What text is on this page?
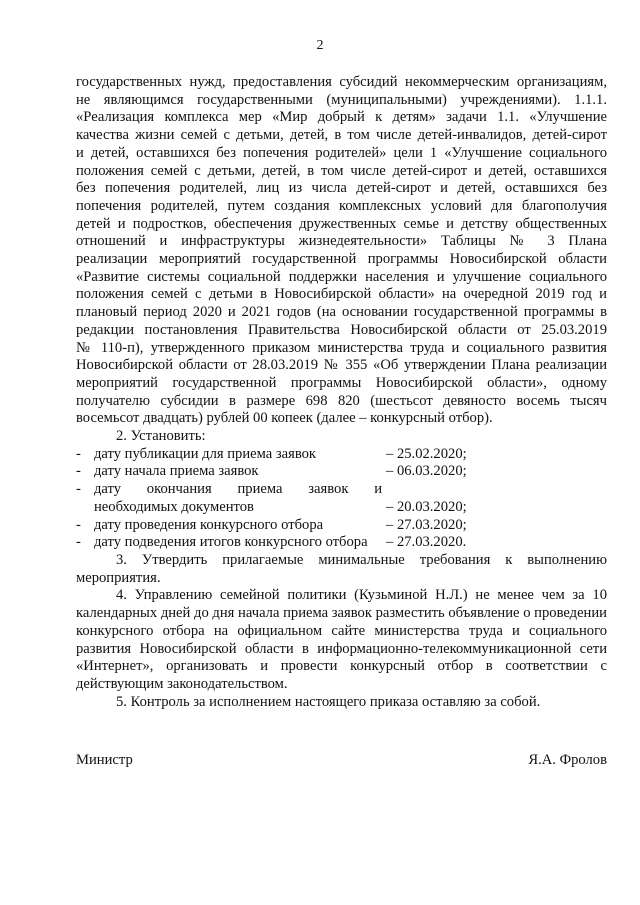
2
государственных нужд, предоставления субсидий некоммерческим организациям,
не являющимся государственными (муниципальными) учреждениями). 1.1.1.
«Реализация комплекса мер «Мир добрый к детям» задачи 1.1. «Улучшение
качества жизни семей с детьми, детей, в том числе детей-инвалидов, детей-сирот
и детей, оставшихся без попечения родителей» цели 1 «Улучшение социального
положения семей с детьми, детей, в том числе детей-сирот и детей, оставшихся
без попечения родителей, лиц из числа детей-сирот и детей, оставшихся без
попечения родителей, путем создания комплексных условий для благополучия
детей и подростков, обеспечения дружественных семье и детству общественных
отношений и инфраструктуры жизнедеятельности» Таблицы № 3 Плана
реализации мероприятий государственной программы Новосибирской области
«Развитие системы социальной поддержки населения и улучшение социального
положения семей с детьми в Новосибирской области» на очередной 2019 год и
плановый период 2020 и 2021 годов (на основании государственной программы в
редакции постановления Правительства Новосибирской области от 25.03.2019
№ 110-п), утвержденного приказом министерства труда и социального развития
Новосибирской области от 28.03.2019 № 355 «Об утверждении Плана реализации
мероприятий государственной программы Новосибирской области», одному
получателю субсидии в размере 698 820 (шестьсот девяносто восемь тысяч
восемьсот двадцать) рублей 00 копеек (далее – конкурсный отбор).

2. Установить:

- дату публикации для приема заявок	– 25.02.2020;
- дату начала приема заявок	– 06.03.2020;
- дату окончания приема заявок и
необходимых документов	– 20.03.2020;
- дату проведения конкурсного отбора	– 27.03.2020;
- дату подведения итогов конкурсного отбора	– 27.03.2020.

3. Утвердить прилагаемые минимальные требования к выполнению мероприятия.

4. Управлению семейной политики (Кузьминой Н.Л.) не менее чем за 10 календарных дней до дня начала приема заявок разместить объявление о проведении конкурсного отбора на официальном сайте министерства труда и социального развития Новосибирской области в информационно-телекоммуникационной сети «Интернет», организовать и провести конкурсный отбор в соответствии с действующим законодательством.

5. Контроль за исполнением настоящего приказа оставляю за собой.

Министр	Я.А. Фролов
